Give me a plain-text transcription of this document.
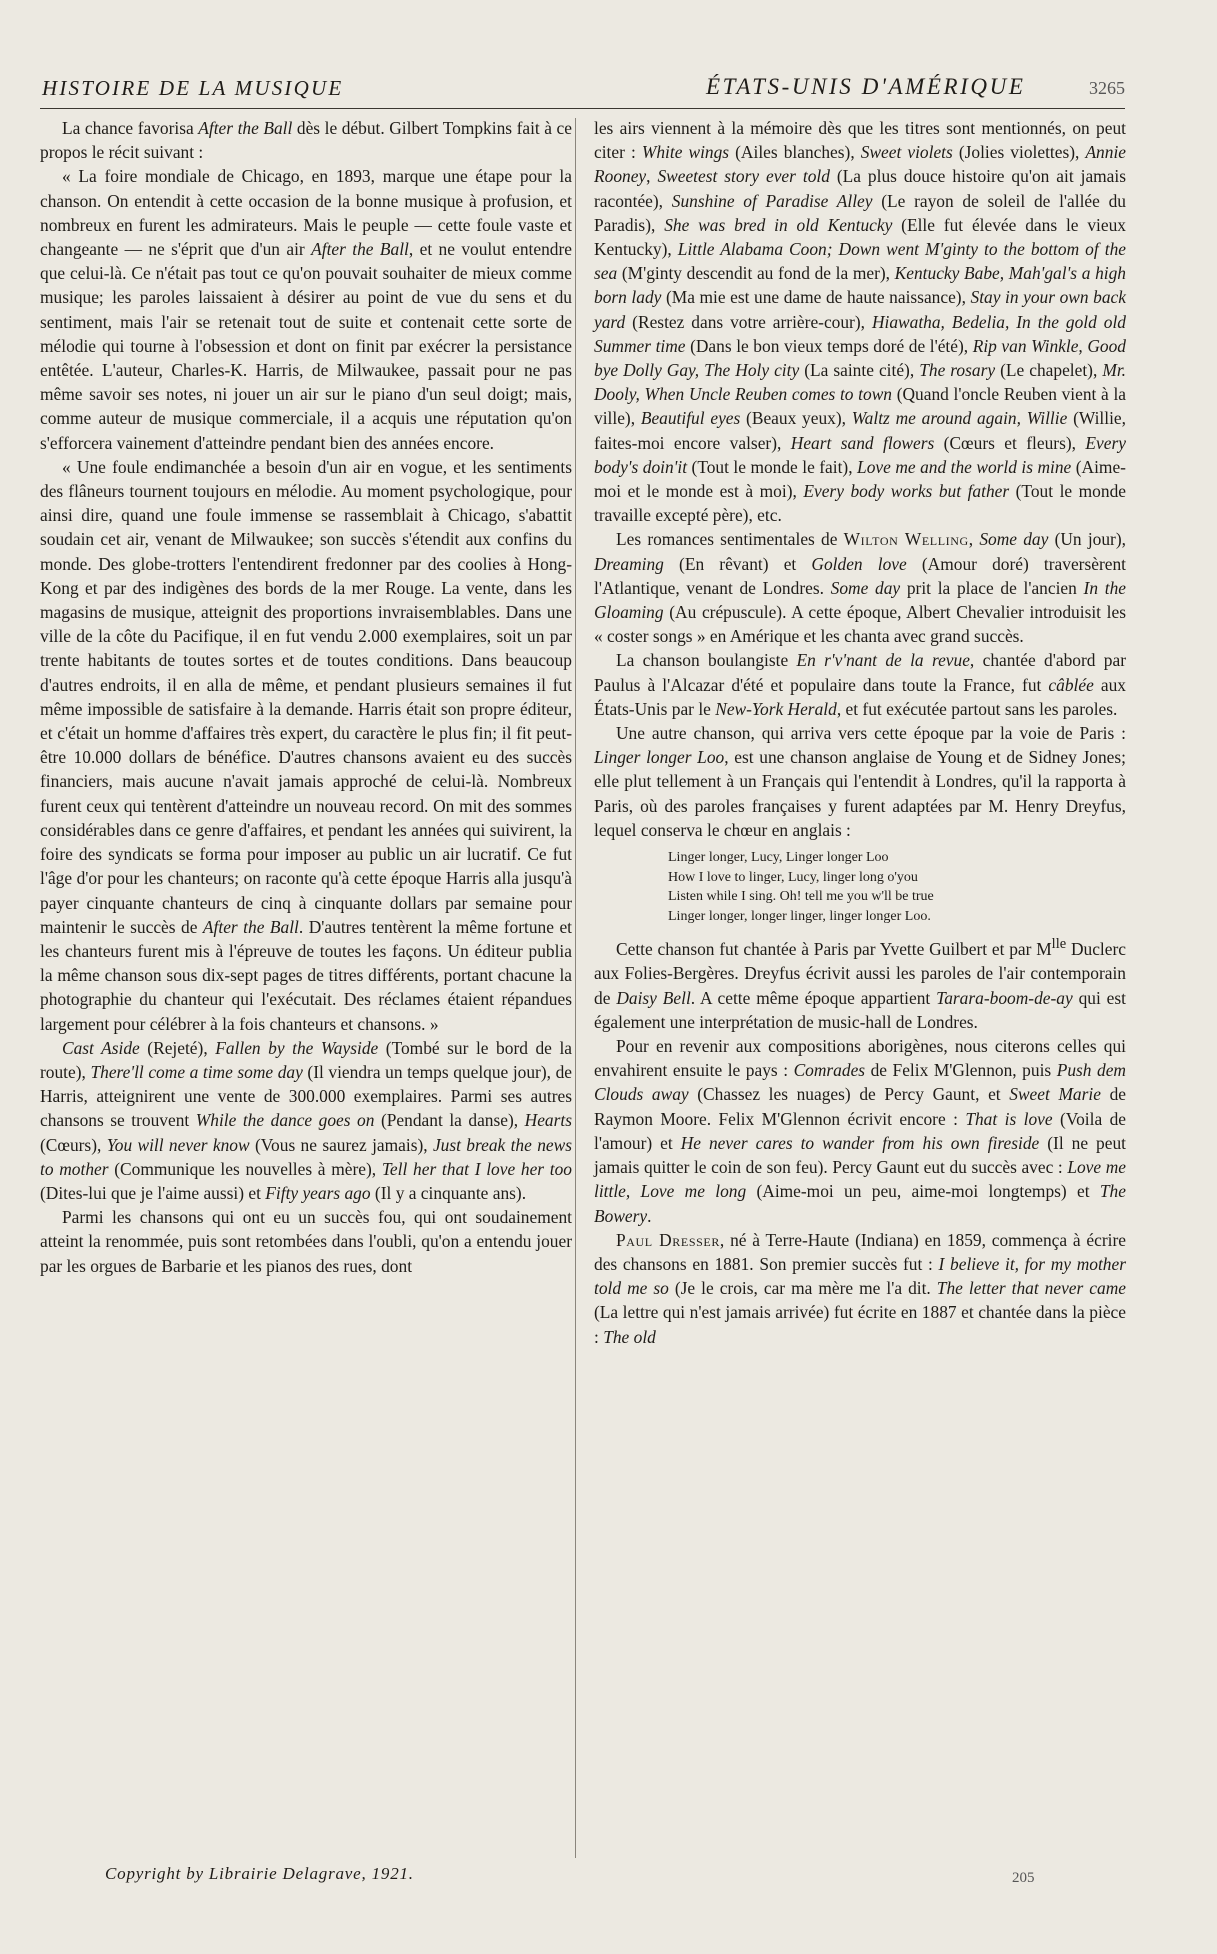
HISTOIRE DE LA MUSIQUE	ÉTATS-UNIS D'AMÉRIQUE	3265

La chance favorisa After the Ball dès le début. Gilbert Tompkins fait à ce propos le récit suivant :

« La foire mondiale de Chicago, en 1893, marque une étape pour la chanson. On entendit à cette occasion de la bonne musique à profusion, et nombreux en furent les admirateurs. Mais le peuple — cette foule vaste et changeante — ne s'éprit que d'un air After the Ball, et ne voulut entendre que celui-là. Ce n'était pas tout ce qu'on pouvait souhaiter de mieux comme musique; les paroles laissaient à désirer au point de vue du sens et du sentiment, mais l'air se retenait tout de suite et contenait cette sorte de mélodie qui tourne à l'obsession et dont on finit par exécrer la persistance entêtée. L'auteur, Charles-K. Harris, de Milwaukee, passait pour ne pas même savoir ses notes, ni jouer un air sur le piano d'un seul doigt; mais, comme auteur de musique commerciale, il a acquis une réputation qu'on s'efforcera vainement d'atteindre pendant bien des années encore.

« Une foule endimanchée a besoin d'un air en vogue, et les sentiments des flâneurs tournent toujours en mélodie. Au moment psychologique, pour ainsi dire, quand une foule immense se rassemblait à Chicago, s'abattit soudain cet air, venant de Milwaukee; son succès s'étendit aux confins du monde. Des globe-trotters l'entendirent fredonner par des coolies à Hong-Kong et par des indigènes des bords de la mer Rouge. La vente, dans les magasins de musique, atteignit des proportions invraisemblables. Dans une ville de la côte du Pacifique, il en fut vendu 2.000 exemplaires, soit un par trente habitants de toutes sortes et de toutes conditions. Dans beaucoup d'autres endroits, il en alla de même, et pendant plusieurs semaines il fut même impossible de satisfaire à la demande. Harris était son propre éditeur, et c'était un homme d'affaires très expert, du caractère le plus fin; il fit peut-être 10.000 dollars de bénéfice. D'autres chansons avaient eu des succès financiers, mais aucune n'avait jamais approché de celui-là. Nombreux furent ceux qui tentèrent d'atteindre un nouveau record. On mit des sommes considérables dans ce genre d'affaires, et pendant les années qui suivirent, la foire des syndicats se forma pour imposer au public un air lucratif. Ce fut l'âge d'or pour les chanteurs; on raconte qu'à cette époque Harris alla jusqu'à payer cinquante chanteurs de cinq à cinquante dollars par semaine pour maintenir le succès de After the Ball. D'autres tentèrent la même fortune et les chanteurs furent mis à l'épreuve de toutes les façons. Un éditeur publia la même chanson sous dix-sept pages de titres différents, portant chacune la photographie du chanteur qui l'exécutait. Des réclames étaient répandues largement pour célébrer à la fois chanteurs et chansons. »

Cast Aside (Rejeté), Fallen by the Wayside (Tombé sur le bord de la route), There'll come a time some day (Il viendra un temps quelque jour), de Harris, atteignirent une vente de 300.000 exemplaires. Parmi ses autres chansons se trouvent While the dance goes on (Pendant la danse), Hearts (Cœurs), You will never know (Vous ne saurez jamais), Just break the news to mother (Communique les nouvelles à mère), Tell her that I love her too (Dites-lui que je l'aime aussi) et Fifty years ago (Il y a cinquante ans).

Parmi les chansons qui ont eu un succès fou, qui ont soudainement atteint la renommée, puis sont retombées dans l'oubli, qu'on a entendu jouer par les orgues de Barbarie et les pianos des rues, dont

les airs viennent à la mémoire dès que les titres sont mentionnés, on peut citer : White wings (Ailes blanches), Sweet violets (Jolies violettes), Annie Rooney, Sweetest story ever told (La plus douce histoire qu'on ait jamais racontée), Sunshine of Paradise Alley (Le rayon de soleil de l'allée du Paradis), She was bred in old Kentucky (Elle fut élevée dans le vieux Kentucky), Little Alabama Coon; Down went M'ginty to the bottom of the sea (M'ginty descendit au fond de la mer), Kentucky Babe, Mah'gal's a high born lady (Ma mie est une dame de haute naissance), Stay in your own back yard (Restez dans votre arrière-cour), Hiawatha, Bedelia, In the gold old Summer time (Dans le bon vieux temps doré de l'été), Rip van Winkle, Good bye Dolly Gay, The Holy city (La sainte cité), The rosary (Le chapelet), Mr. Dooly, When Uncle Reuben comes to town (Quand l'oncle Reuben vient à la ville), Beautiful eyes (Beaux yeux), Waltz me around again, Willie (Willie, faites-moi encore valser), Heart sand flowers (Cœurs et fleurs), Every body's doin'it (Tout le monde le fait), Love me and the world is mine (Aime-moi et le monde est à moi), Every body works but father (Tout le monde travaille excepté père), etc.

Les romances sentimentales de Wilton Welling, Some day (Un jour), Dreaming (En rêvant) et Golden love (Amour doré) traversèrent l'Atlantique, venant de Londres. Some day prit la place de l'ancien In the Gloaming (Au crépuscule). A cette époque, Albert Chevalier introduisit les « coster songs » en Amérique et les chanta avec grand succès.

La chanson boulangiste En r'v'nant de la revue, chantée d'abord par Paulus à l'Alcazar d'été et populaire dans toute la France, fut câblée aux États-Unis par le New-York Herald, et fut exécutée partout sans les paroles.

Une autre chanson, qui arriva vers cette époque par la voie de Paris : Linger longer Loo, est une chanson anglaise de Young et de Sidney Jones; elle plut tellement à un Français qui l'entendit à Londres, qu'il la rapporta à Paris, où des paroles françaises y furent adaptées par M. Henry Dreyfus, lequel conserva le chœur en anglais :

Linger longer, Lucy, Linger longer Loo
How I love to linger, Lucy, linger long o'you
Listen while I sing. Oh! tell me you w'll be true
Linger longer, longer linger, linger longer Loo.

Cette chanson fut chantée à Paris par Yvette Guilbert et par $M^{lle}$ Duclerc aux Folies-Bergères. Dreyfus écrivit aussi les paroles de l'air contemporain de Daisy Bell. A cette même époque appartient Tarara-boom-de-ay qui est également une interprétation de music-hall de Londres.

Pour en revenir aux compositions aborigènes, nous citerons celles qui envahirent ensuite le pays : Comrades de Felix M'Glennon, puis Push dem Clouds away (Chassez les nuages) de Percy Gaunt, et Sweet Marie de Raymon Moore. Felix M'Glennon écrivit encore : That is love (Voila de l'amour) et He never cares to wander from his own fireside (Il ne peut jamais quitter le coin de son feu). Percy Gaunt eut du succès avec : Love me little, Love me long (Aime-moi un peu, aime-moi longtemps) et The Bowery.

Paul Dresser, né à Terre-Haute (Indiana) en 1859, commença à écrire des chansons en 1881. Son premier succès fut : I believe it, for my mother told me so (Je le crois, car ma mère me l'a dit. The letter that never came (La lettre qui n'est jamais arrivée) fut écrite en 1887 et chantée dans la pièce : The old

Copyright by Librairie Delagrave, 1921.	205
